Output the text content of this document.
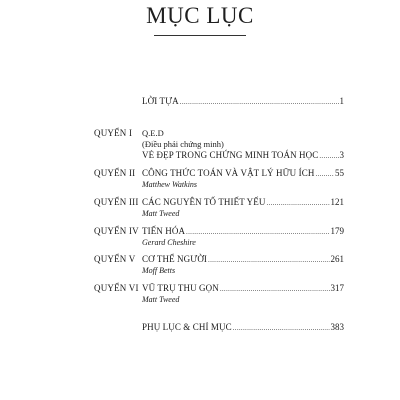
MỤC LỤC
LỜI TỰA .....	1
QUYỂN I Q.E.D
(Điều phải chứng minh)
VẺ ĐẸP TRONG CHỨNG MINH TOÁN HỌC ..... 3
QUYỂN II CÔNG THỨC TOÁN VÀ VẬT LÝ HỮU ÍCH ..... 55
Matthew Watkins
QUYỂN III CÁC NGUYÊN TỐ THIẾT YẾU .....	121
Matt Tweed
QUYỂN IV TIẾN HÓA .....	179
Gerard Cheshire
QUYỂN V CƠ THỂ NGƯỜI .....	261
Moff Betts
QUYỂN VI VŨ TRỤ THU GỌN .....	317
Matt Tweed
PHỤ LỤC & CHỈ MỤC .....	383
